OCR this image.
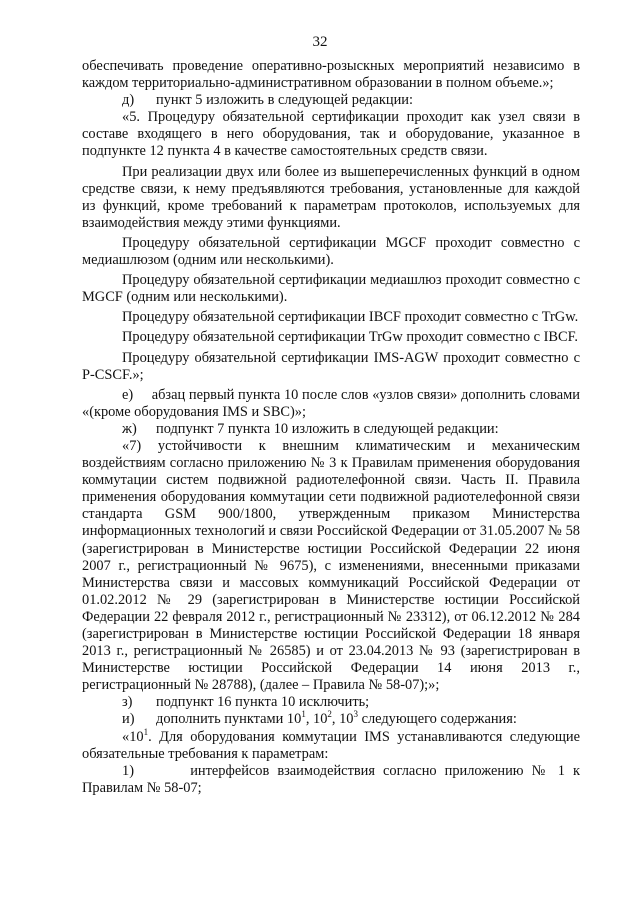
32

обеспечивать проведение оперативно-розыскных мероприятий независимо в каждом территориально-административном образовании в полном объеме.»;

д)	пункт 5 изложить в следующей редакции:

«5. Процедуру обязательной сертификации проходит как узел связи в составе входящего в него оборудования, так и оборудование, указанное в подпункте 12 пункта 4 в качестве самостоятельных средств связи.

При реализации двух или более из вышеперечисленных функций в одном средстве связи, к нему предъявляются требования, установленные для каждой из функций, кроме требований к параметрам протоколов, используемых для взаимодействия между этими функциями.

Процедуру обязательной сертификации MGCF проходит совместно с медиашлюзом (одним или несколькими).

Процедуру обязательной сертификации медиашлюз проходит совместно с MGCF (одним или несколькими).

Процедуру обязательной сертификации IBCF проходит совместно с TrGw.

Процедуру обязательной сертификации TrGw проходит совместно с IBCF.

Процедуру обязательной сертификации IMS-AGW проходит совместно с P-CSCF.»;

е) абзац первый пункта 10 после слов «узлов связи» дополнить словами «(кроме оборудования IMS и SBC)»;

ж)	подпункт 7 пункта 10 изложить в следующей редакции:

«7) устойчивости к внешним климатическим и механическим воздействиям согласно приложению № 3 к Правилам применения оборудования коммутации систем подвижной радиотелефонной связи. Часть II. Правила применения оборудования коммутации сети подвижной радиотелефонной связи стандарта GSM 900/1800, утвержденным приказом Министерства информационных технологий и связи Российской Федерации от 31.05.2007 № 58 (зарегистрирован в Министерстве юстиции Российской Федерации 22 июня 2007 г., регистрационный № 9675), с изменениями, внесенными приказами Министерства связи и массовых коммуникаций Российской Федерации от 01.02.2012 № 29 (зарегистрирован в Министерстве юстиции Российской Федерации 22 февраля 2012 г., регистрационный № 23312), от 06.12.2012 № 284 (зарегистрирован в Министерстве юстиции Российской Федерации 18 января 2013 г., регистрационный № 26585) и от 23.04.2013 № 93 (зарегистрирован в Министерстве юстиции Российской Федерации 14 июня 2013 г., регистрационный № 28788), (далее – Правила № 58-07);»;

з)	подпункт 16 пункта 10 исключить;
и)	дополнить пунктами $10^1$, $10^2$, $10^3$ следующего содержания:

«$10^1$. Для оборудования коммутации IMS устанавливаются следующие обязательные требования к параметрам:

1)	интерфейсов взаимодействия согласно приложению № 1 к Правилам № 58-07;
